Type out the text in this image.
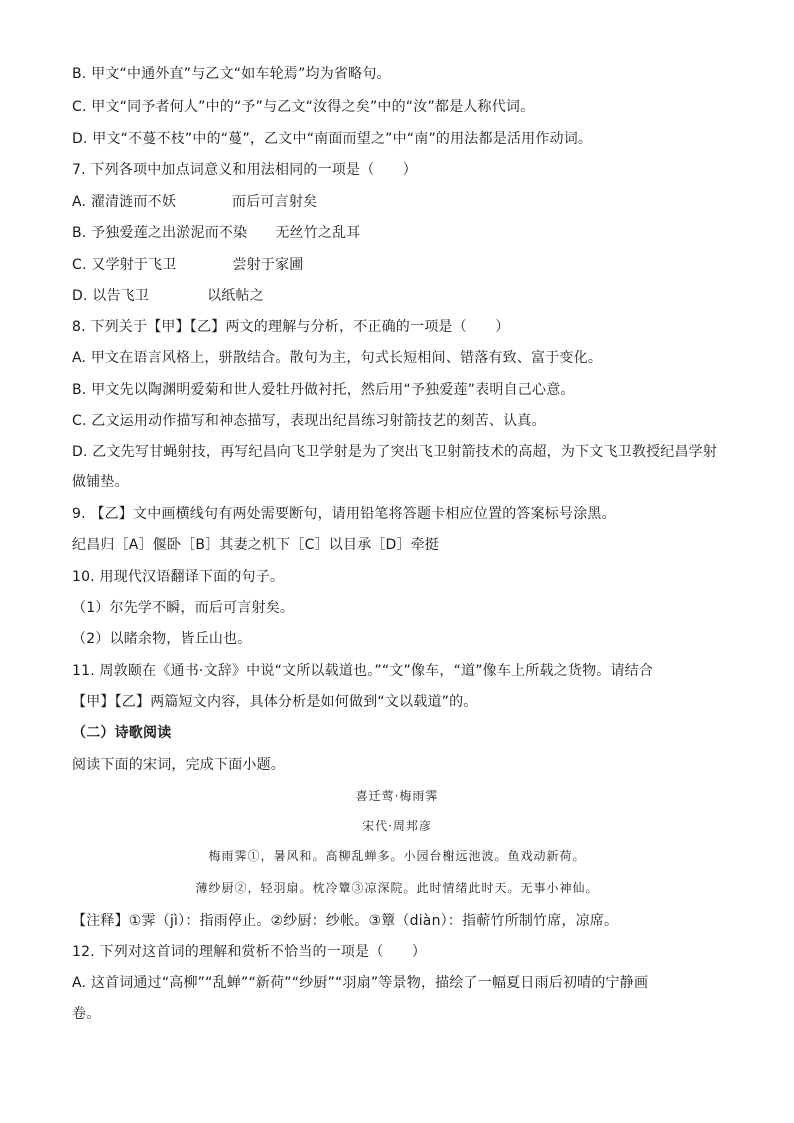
B. 甲文“中通外直”与乙文“如车轮焉”均为省略句。
C. 甲文“同予者何人”中的“予”与乙文“汝得之矣”中的“汝”都是人称代词。
D. 甲文“不蔓不枝”中的“蔓”，乙文中“南面而望之”中“南”的用法都是活用作动词。
7. 下列各项中加点词意义和用法相同的一项是（　　）
A. 濯清涟而不妖	而后可言射矣
B. 予独爱莲之出淤泥而不染 无丝竹之乱耳
C. 又学射于飞卫	尝射于家圃
D. 以告飞卫	以纸帖之
8. 下列关于【甲】【乙】两文的理解与分析，不正确的一项是（　　）
A. 甲文在语言风格上，骈散结合。散句为主，句式长短相间、错落有致、富于变化。
B. 甲文先以陶渊明爱菊和世人爱牡丹做衬托，然后用“予独爱莲”表明自己心意。
C. 乙文运用动作描写和神态描写，表现出纪昌练习射箭技艺的刻苦、认真。
D. 乙文先写甘蝇射技，再写纪昌向飞卫学射是为了突出飞卫射箭技术的高超，为下文飞卫教授纪昌学射
做铺垫。
9. 【乙】文中画横线句有两处需要断句，请用铅笔将答题卡相应位置的答案标号涂黑。
纪昌归［A］偃卧［B］其妻之机下［C］以目承［D］牵挺
10. 用现代汉语翻译下面的句子。
（1）尔先学不瞬，而后可言射矣。
（2）以睹余物，皆丘山也。
11. 周敦颐在《通书·文辞》中说“文所以载道也。”“文”像车，“道”像车上所载之货物。请结合
【甲】【乙】两篇短文内容，具体分析是如何做到“文以载道”的。
（二）诗歌阅读
阅读下面的宋词，完成下面小题。
喜迁莺·梅雨霁
宋代·周邦彦
梅雨霁①，暑风和。高柳乱蝉多。小园台榭远池波。鱼戏动新荷。
薄纱厨②，轻羽扇。枕冷簟③凉深院。此时情绪此时天。无事小神仙。
【注释】①霁（jì）：指雨停止。②纱厨：纱帐。③簟（diàn）：指蕲竹所制竹席，凉席。
12. 下列对这首词的理解和赏析不恰当的一项是（　　）
A. 这首词通过“高柳”“乱蝉”“新荷”“纱厨”“羽扇”等景物，描绘了一幅夏日雨后初晴的宁静画
卷。
